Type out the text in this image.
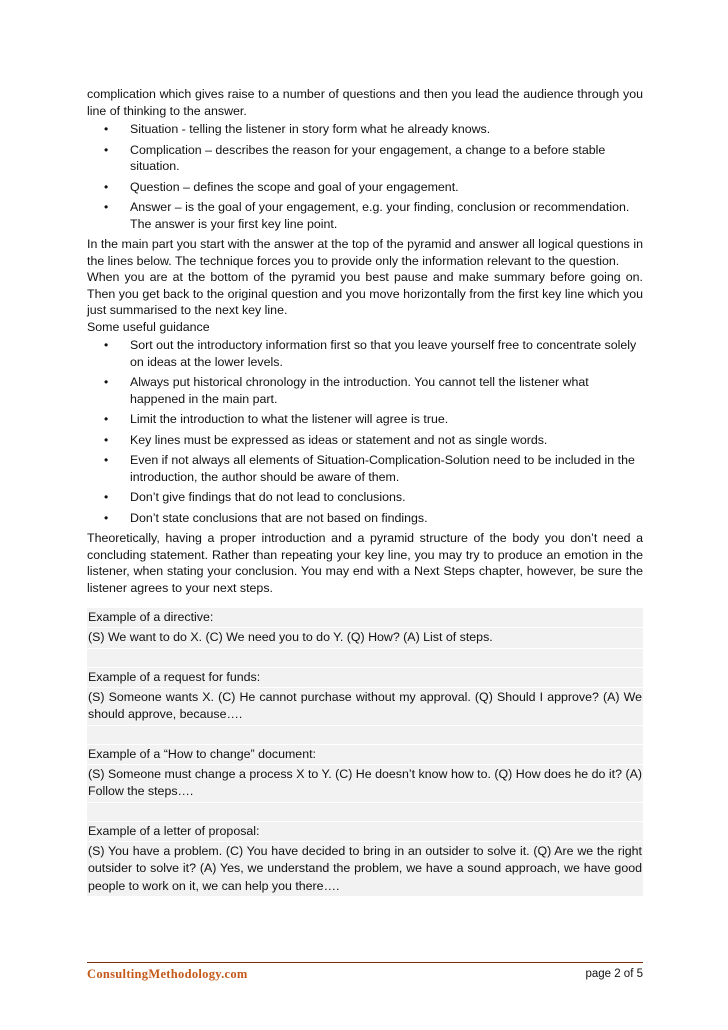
complication which gives raise to a number of questions and then you lead the audience through you line of thinking to the answer.

• Situation - telling the listener in story form what he already knows.
• Complication – describes the reason for your engagement, a change to a before stable situation.
• Question – defines the scope and goal of your engagement.
• Answer – is the goal of your engagement, e.g. your finding, conclusion or recommendation. The answer is your first key line point.

In the main part you start with the answer at the top of the pyramid and answer all logical questions in the lines below. The technique forces you to provide only the information relevant to the question.

When you are at the bottom of the pyramid you best pause and make summary before going on. Then you get back to the original question and you move horizontally from the first key line which you just summarised to the next key line.

Some useful guidance

• Sort out the introductory information first so that you leave yourself free to concentrate solely on ideas at the lower levels.
• Always put historical chronology in the introduction. You cannot tell the listener what happened in the main part.
• Limit the introduction to what the listener will agree is true.
• Key lines must be expressed as ideas or statement and not as single words.
• Even if not always all elements of Situation-Complication-Solution need to be included in the introduction, the author should be aware of them.
• Don’t give findings that do not lead to conclusions.
• Don’t state conclusions that are not based on findings.

Theoretically, having a proper introduction and a pyramid structure of the body you don’t need a concluding statement. Rather than repeating your key line, you may try to produce an emotion in the listener, when stating your conclusion. You may end with a Next Steps chapter, however, be sure the listener agrees to your next steps.

Example of a directive:
(S) We want to do X. (C) We need you to do Y. (Q) How? (A) List of steps.
Example of a request for funds:
(S) Someone wants X. (C) He cannot purchase without my approval. (Q) Should I approve? (A) We should approve, because….
Example of a “How to change” document:
(S) Someone must change a process X to Y. (C) He doesn’t know how to. (Q) How does he do it? (A) Follow the steps….
Example of a letter of proposal:
(S) You have a problem. (C) You have decided to bring in an outsider to solve it. (Q) Are we the right outsider to solve it? (A) Yes, we understand the problem, we have a sound approach, we have good people to work on it, we can help you there….
ConsultingMethodology.com	page 2 of 5
